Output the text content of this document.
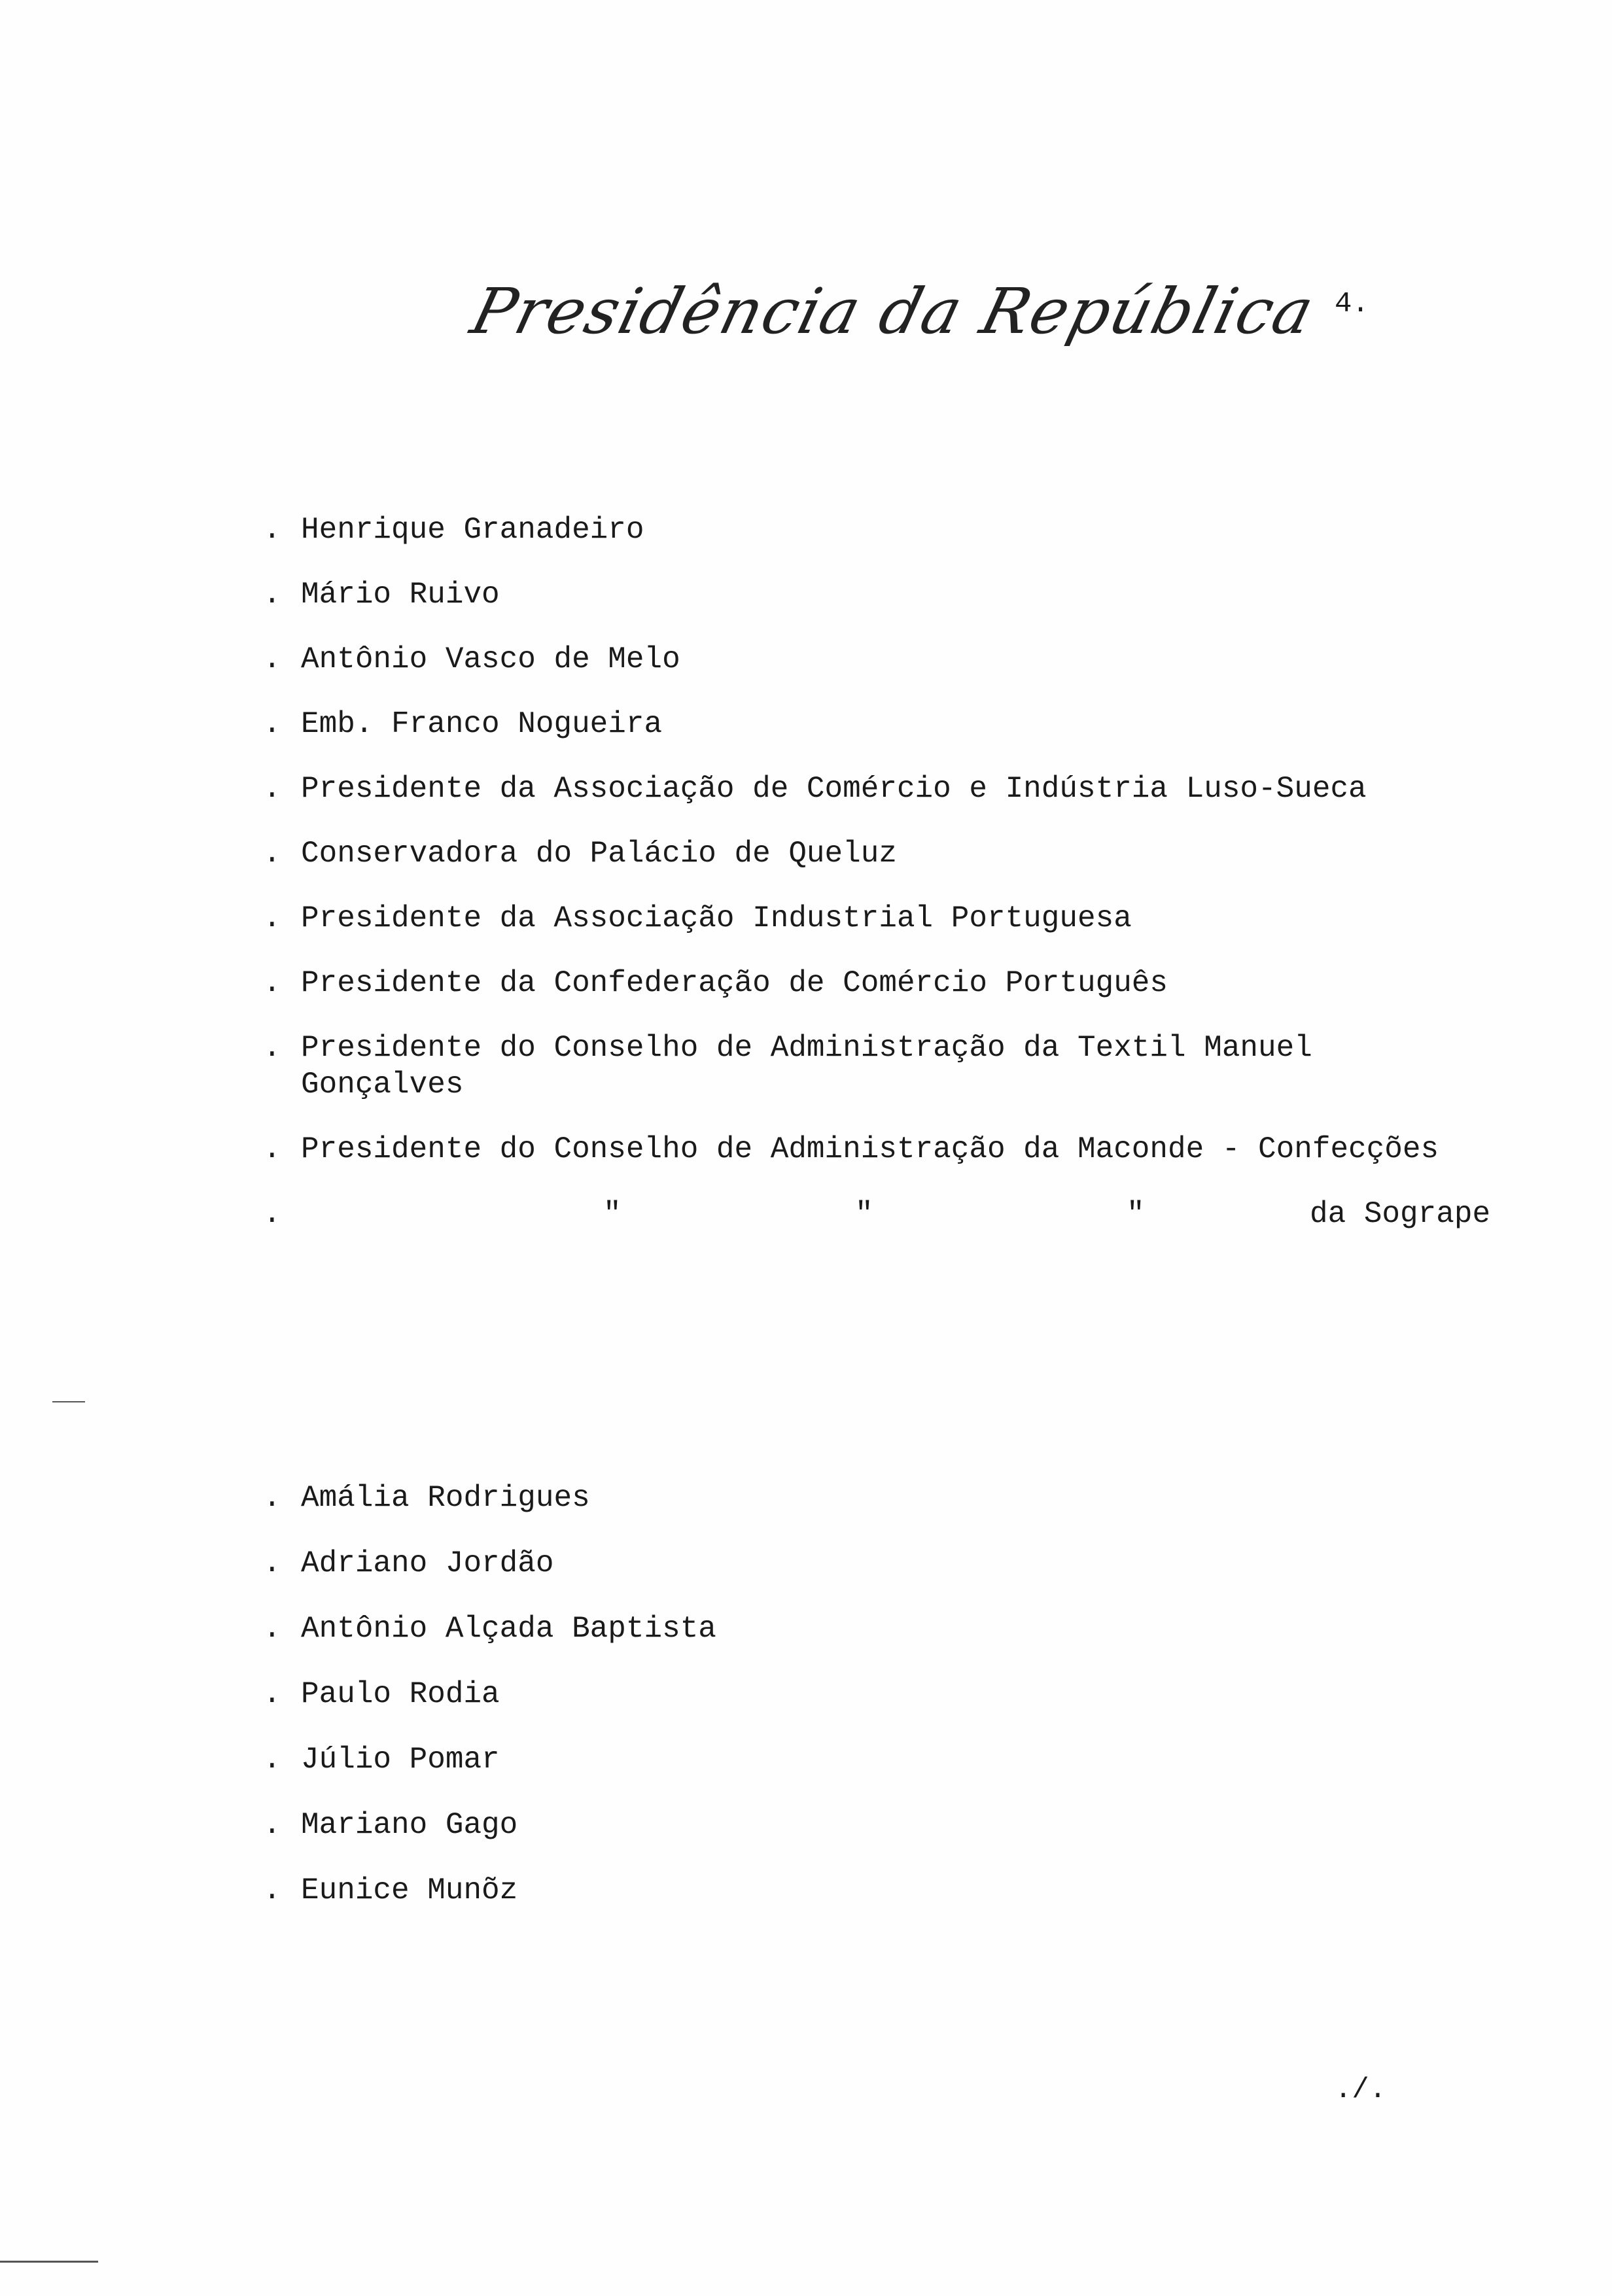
Presidência da República 4.
. Henrique Granadeiro
. Mário Ruivo
. Antônio Vasco de Melo
. Emb. Franco Nogueira
. Presidente da Associação de Comércio e Indústria Luso-Sueca
. Conservadora do Palácio de Queluz
. Presidente da Associação Industrial Portuguesa
. Presidente da Confederação de Comércio Português
. Presidente do Conselho de Administração da Textil Manuel
Gonçalves
. Presidente do Conselho de Administração da Maconde - Confecções
.	"	"	"	da Sogrape
. Amália Rodrigues
. Adriano Jordão
. Antônio Alçada Baptista
. Paulo Rodia
. Júlio Pomar
. Mariano Gago
. Eunice Munõz
./.
